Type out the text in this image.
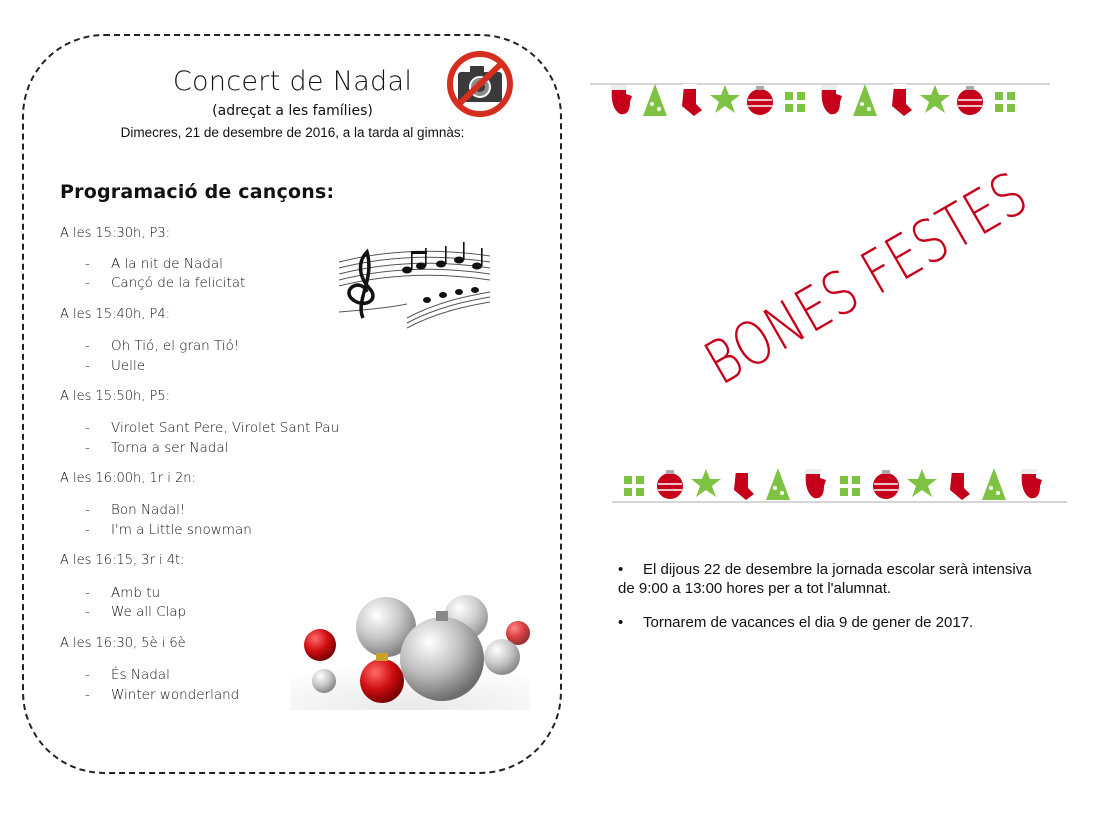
Concert de Nadal
(adreçat a les famílies)
Dimecres, 21 de desembre de 2016, a la tarda al gimnàs:
Programació de cançons:
A les 15:30h, P3:
- A la nit de Nadal
- Cançó de la felicitat
A les 15:40h, P4:
- Oh Tió, el gran Tió!
- Uelle
A les 15:50h, P5:
- Virolet Sant Pere, Virolet Sant Pau
- Torna a ser Nadal
A les 16:00h, 1r i 2n:
- Bon Nadal!
- I'm a Little snowman
A les 16:15, 3r i 4t:
- Amb tu
- We all Clap
A les 16:30, 5è i 6è
- És Nadal
- Winter wonderland
BONES FESTES
•	El dijous 22 de desembre la jornada escolar serà intensiva de 9:00 a 13:00 hores per a tot l'alumnat.
•	Tornarem de vacances el dia 9 de gener de 2017.
